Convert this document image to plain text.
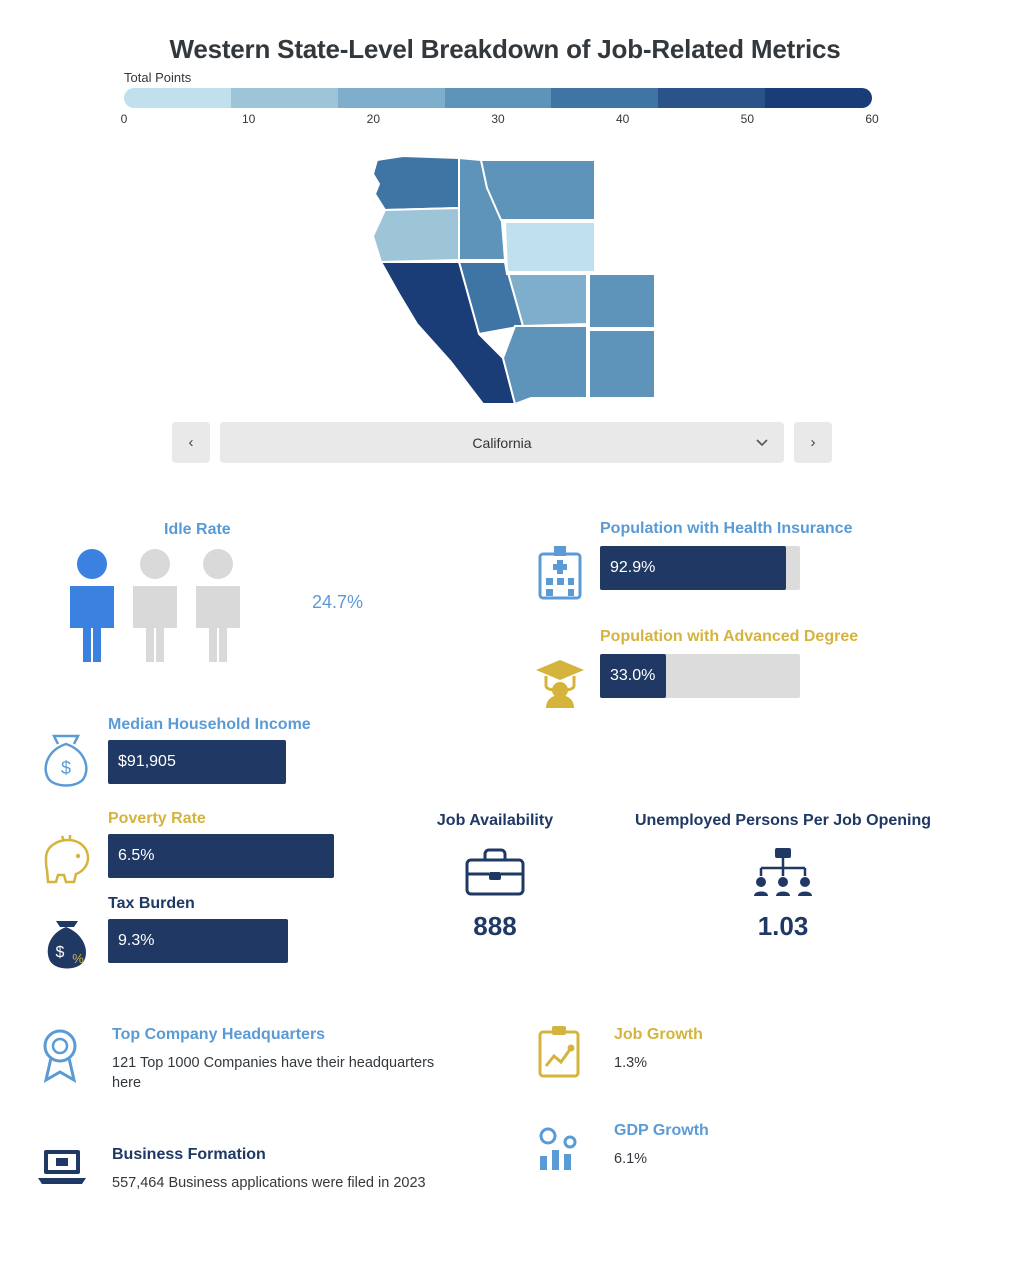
Western State-Level Breakdown of Job-Related Metrics
Total Points
0	10	20	30	40	50	60
‹	California	›
Idle Rate
24.7%
Population with Health Insurance
92.9%
Population with Advanced Degree
33.0%
$
Median Household Income
$91,905
Poverty Rate
6.5%
$ %
Tax Burden
9.3%
Job Availability
888
Unemployed Persons Per Job Opening
1.03
Top Company Headquarters
121 Top 1000 Companies have their headquarters here
Business Formation
557,464 Business applications were filed in 2023
Job Growth
1.3%
GDP Growth
6.1%
